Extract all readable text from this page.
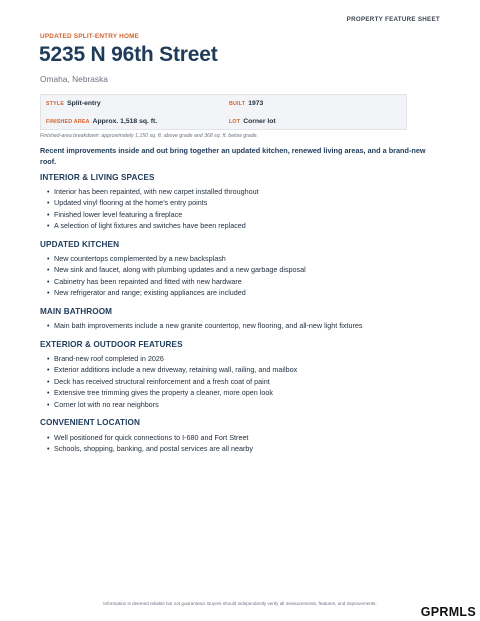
PROPERTY FEATURE SHEET
UPDATED SPLIT-ENTRY HOME
5235 N 96th Street
Omaha, Nebraska
STYLE Split-entry	BUILT 1973
FINISHED AREA Approx. 1,518 sq. ft.	LOT Corner lot
Finished-area breakdown: approximately 1,150 sq. ft. above grade and 368 sq. ft. below grade.
Recent improvements inside and out bring together an updated kitchen, renewed living areas, and a brand-new roof.
INTERIOR & LIVING SPACES
• Interior has been repainted, with new carpet installed throughout
• Updated vinyl flooring at the home’s entry points
• Finished lower level featuring a fireplace
• A selection of light fixtures and switches have been replaced
UPDATED KITCHEN
• New countertops complemented by a new backsplash
• New sink and faucet, along with plumbing updates and a new garbage disposal
• Cabinetry has been repainted and fitted with new hardware
• New refrigerator and range; existing appliances are included
MAIN BATHROOM
• Main bath improvements include a new granite countertop, new flooring, and all-new light fixtures
EXTERIOR & OUTDOOR FEATURES
• Brand-new roof completed in 2026
• Exterior additions include a new driveway, retaining wall, railing, and mailbox
• Deck has received structural reinforcement and a fresh coat of paint
• Extensive tree trimming gives the property a cleaner, more open look
• Corner lot with no rear neighbors
CONVENIENT LOCATION
• Well positioned for quick connections to I-680 and Fort Street
• Schools, shopping, banking, and postal services are all nearby
Information is deemed reliable but not guaranteed. Buyers should independently verify all measurements, features, and improvements.
GPRMLS
